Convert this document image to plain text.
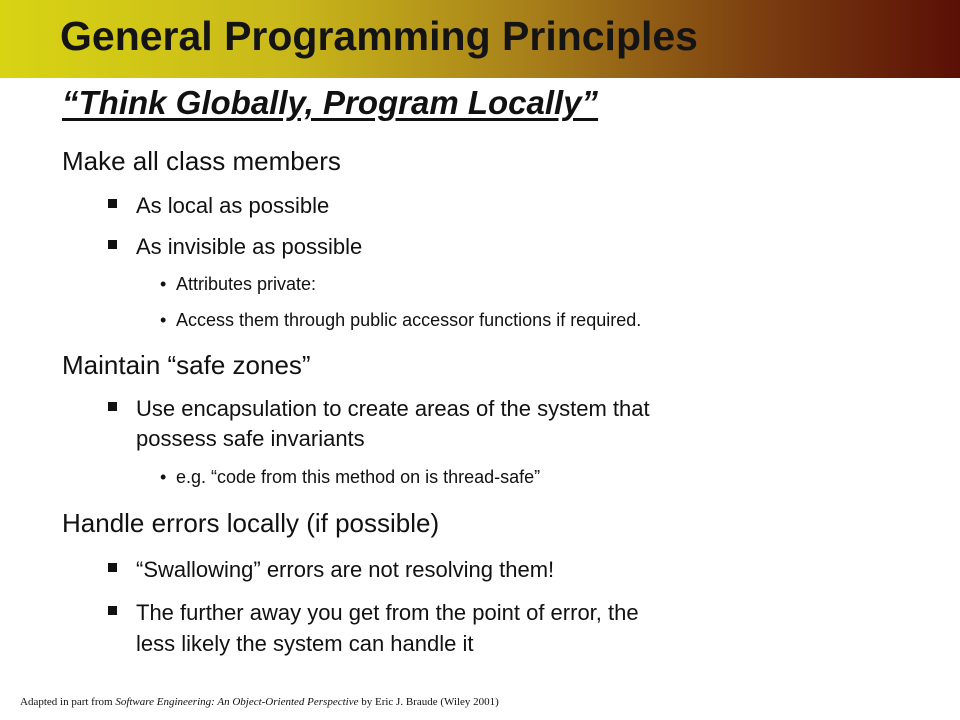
General Programming Principles
“Think Globally, Program Locally”
Make all class members
As local as possible
As invisible as possible
• Attributes private:
• Access them through public accessor functions if required.
Maintain “safe zones”
Use encapsulation to create areas of the system that
possess safe invariants
• e.g. “code from this method on is thread-safe”
Handle errors locally (if possible)
“Swallowing” errors are not resolving them!
The further away you get from the point of error, the
less likely the system can handle it
Adapted in part from Software Engineering: An Object-Oriented Perspective by Eric J. Braude (Wiley 2001)
